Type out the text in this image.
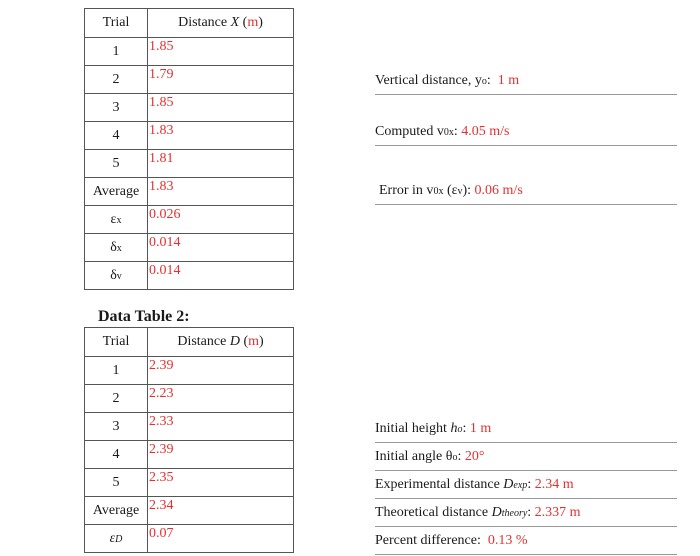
Trial	Distance X (m)
1	1.85

2	1.79

3	1.85

4	1.83

5	1.81

Average	1.83

εx	0.026

δx	0.014

δv	0.014
Data Table 2:
Trial	Distance D (m)
1	2.39

2	2.23

3	2.33

4	2.39

5	2.35

Average	2.34

εD	0.07
Vertical distance, yo: 1 m
Computed v0x: 4.05 m/s
Error in v0x (εv): 0.06 m/s
Initial height ho: 1 m
Initial angle θo: 20°
Experimental distance Dexp: 2.34 m
Theoretical distance Dtheory: 2.337 m
Percent difference: 0.13 %
